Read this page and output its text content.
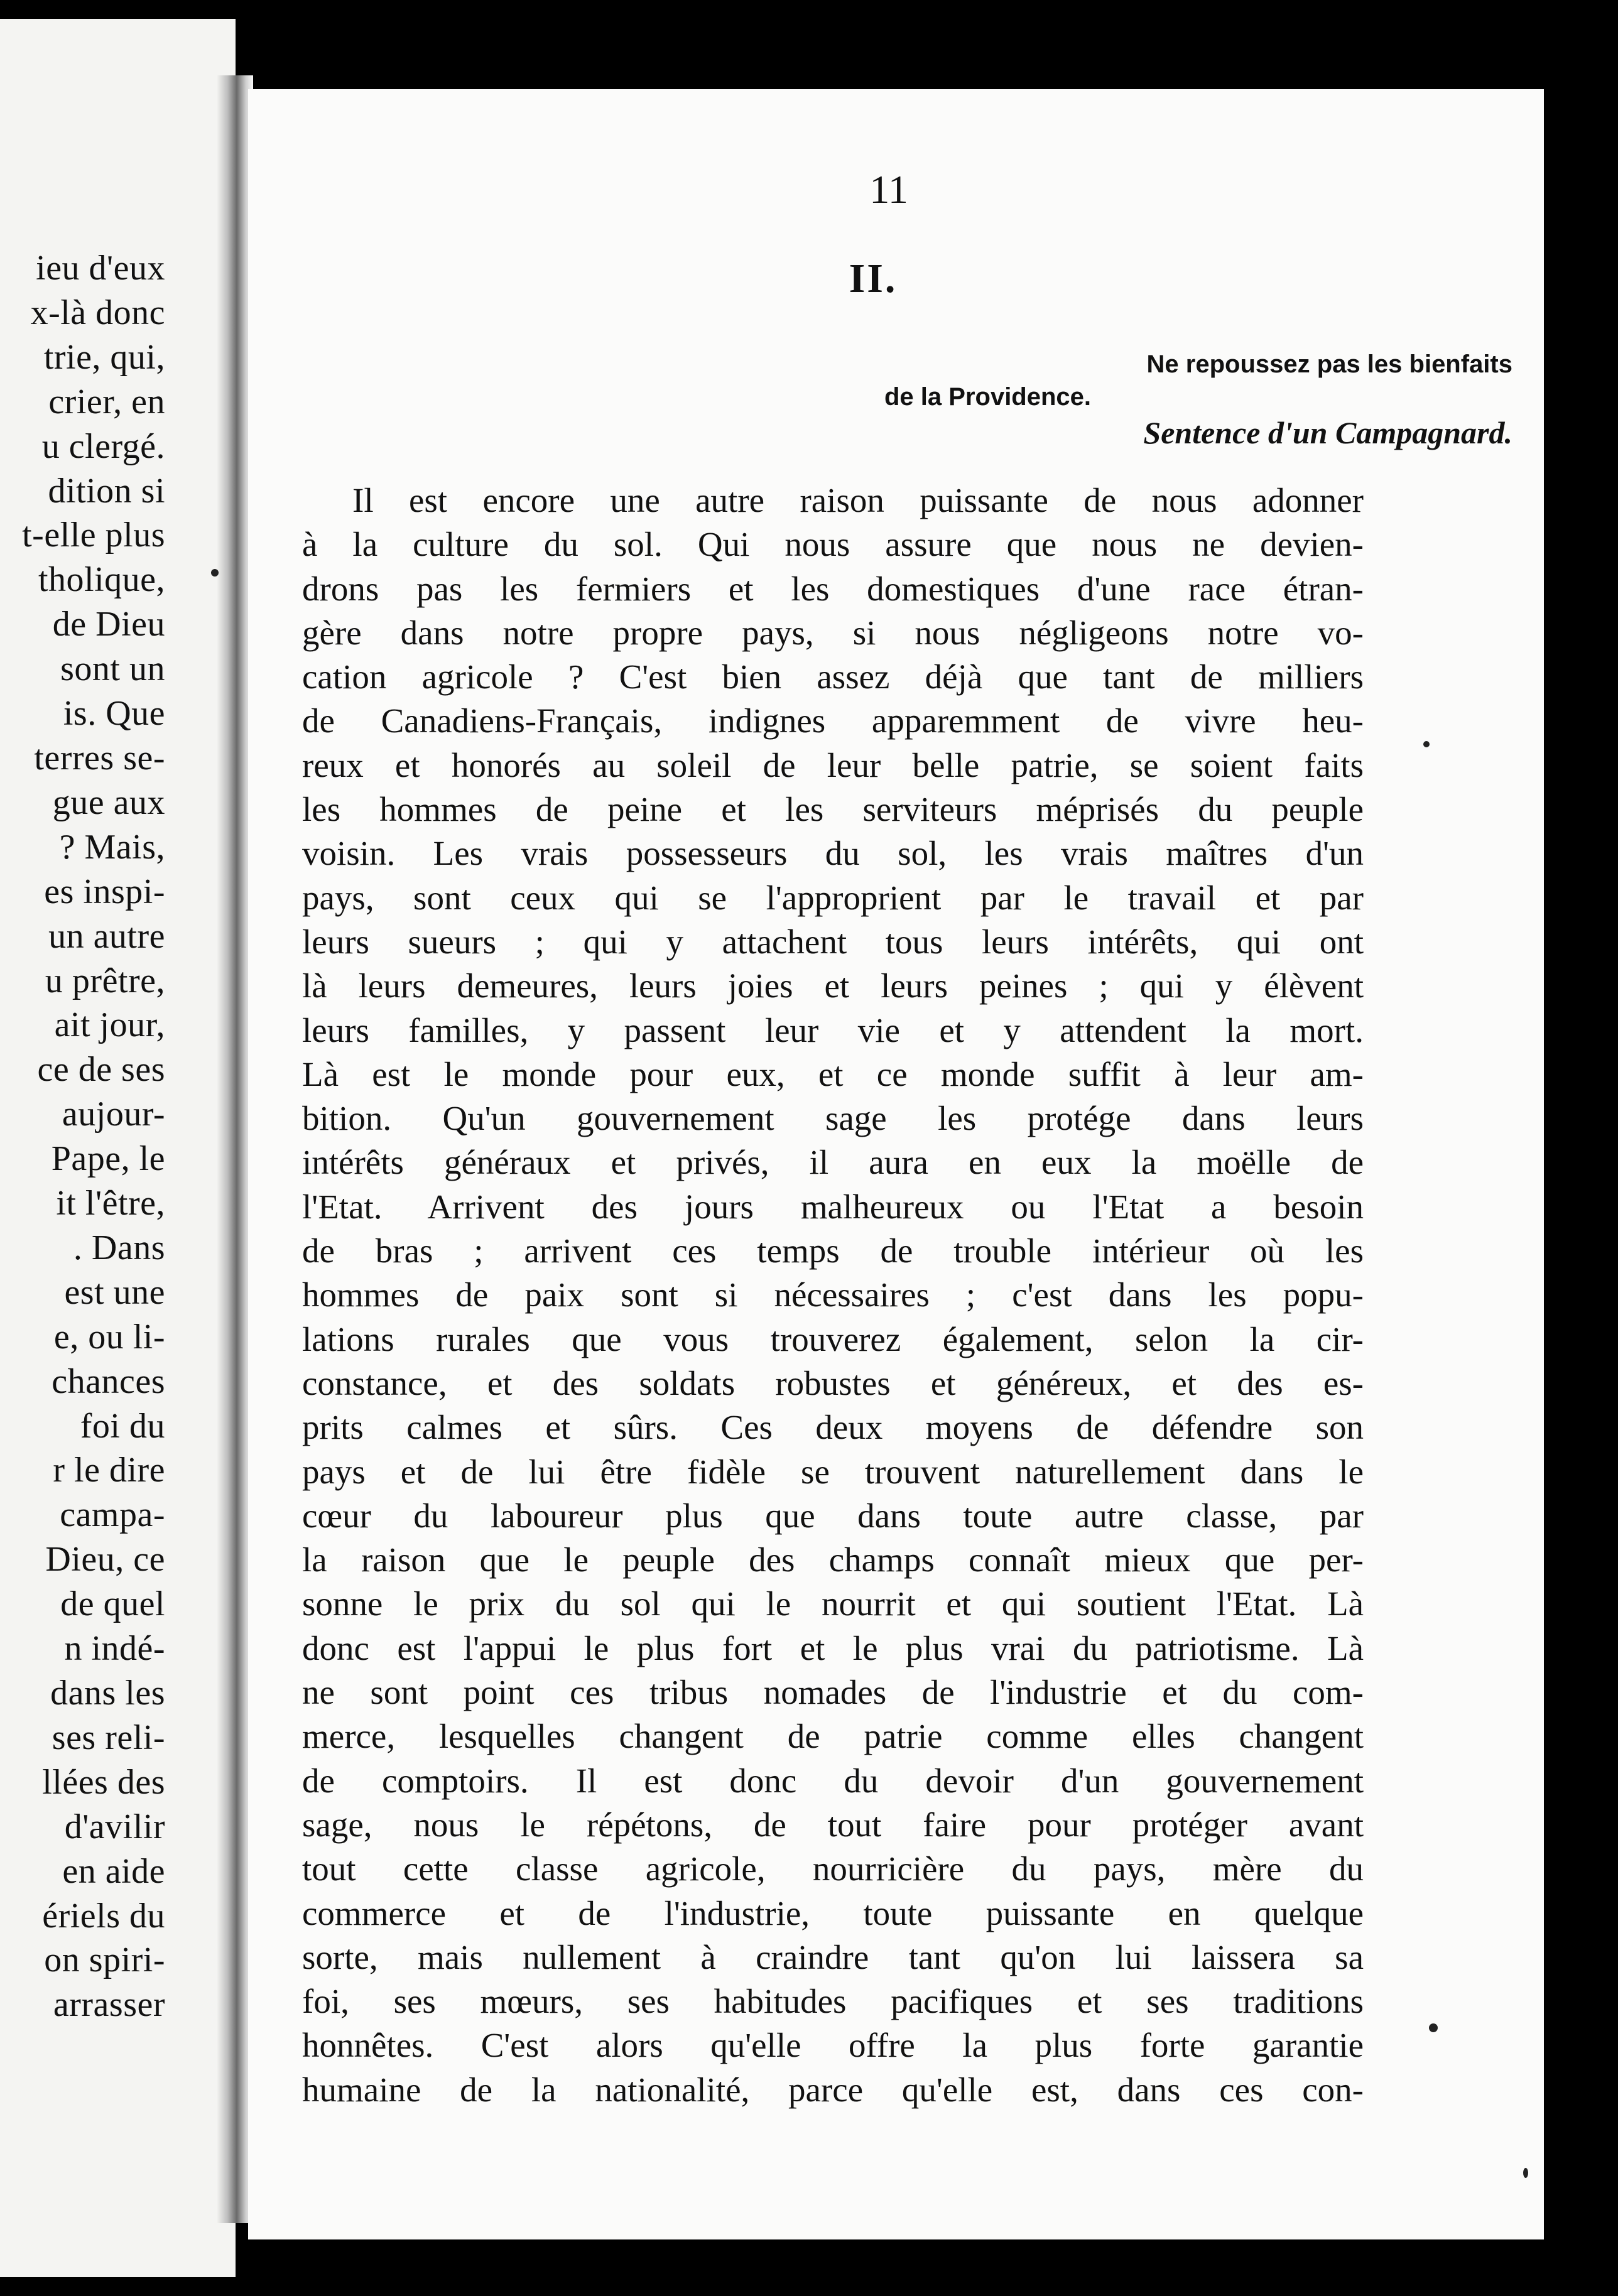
ieu d'eux
x-là donc
trie, qui,
crier, en
u clergé.
dition si
t-elle plus
tholique,
de Dieu
sont un
is. Que
terres se-
gue aux
? Mais,
es inspi-
un autre
u prêtre,
ait jour,
ce de ses
aujour-
Pape, le
it l'être,
. Dans
est une
e, ou li-
chances
foi du
r le dire
campa-
Dieu, ce
de quel
n indé-
dans les
ses reli-
llées des
d'avilir
en aide
ériels du
on spiri-
arrasser
11
II.
Ne repoussez pas les bienfaits
de la Providence.
Sentence d'un Campagnard.
Il est encore une autre raison puissante de nous adonner
à la culture du sol. Qui nous assure que nous ne devien-
drons pas les fermiers et les domestiques d'une race étran-
gère dans notre propre pays, si nous négligeons notre vo-
cation agricole ? C'est bien assez déjà que tant de milliers
de Canadiens-Français, indignes apparemment de vivre heu-
reux et honorés au soleil de leur belle patrie, se soient faits
les hommes de peine et les serviteurs méprisés du peuple
voisin. Les vrais possesseurs du sol, les vrais maîtres d'un
pays, sont ceux qui se l'approprient par le travail et par
leurs sueurs ; qui y attachent tous leurs intérêts, qui ont
là leurs demeures, leurs joies et leurs peines ; qui y élèvent
leurs familles, y passent leur vie et y attendent la mort.
Là est le monde pour eux, et ce monde suffit à leur am-
bition. Qu'un gouvernement sage les protége dans leurs
intérêts généraux et privés, il aura en eux la moëlle de
l'Etat. Arrivent des jours malheureux ou l'Etat a besoin
de bras ; arrivent ces temps de trouble intérieur où les
hommes de paix sont si nécessaires ; c'est dans les popu-
lations rurales que vous trouverez également, selon la cir-
constance, et des soldats robustes et généreux, et des es-
prits calmes et sûrs. Ces deux moyens de défendre son
pays et de lui être fidèle se trouvent naturellement dans le
cœur du laboureur plus que dans toute autre classe, par
la raison que le peuple des champs connaît mieux que per-
sonne le prix du sol qui le nourrit et qui soutient l'Etat. Là
donc est l'appui le plus fort et le plus vrai du patriotisme. Là
ne sont point ces tribus nomades de l'industrie et du com-
merce, lesquelles changent de patrie comme elles changent
de comptoirs. Il est donc du devoir d'un gouvernement
sage, nous le répétons, de tout faire pour protéger avant
tout cette classe agricole, nourricière du pays, mère du
commerce et de l'industrie, toute puissante en quelque
sorte, mais nullement à craindre tant qu'on lui laissera sa
foi, ses mœurs, ses habitudes pacifiques et ses traditions
honnêtes. C'est alors qu'elle offre la plus forte garantie
humaine de la nationalité, parce qu'elle est, dans ces con-
